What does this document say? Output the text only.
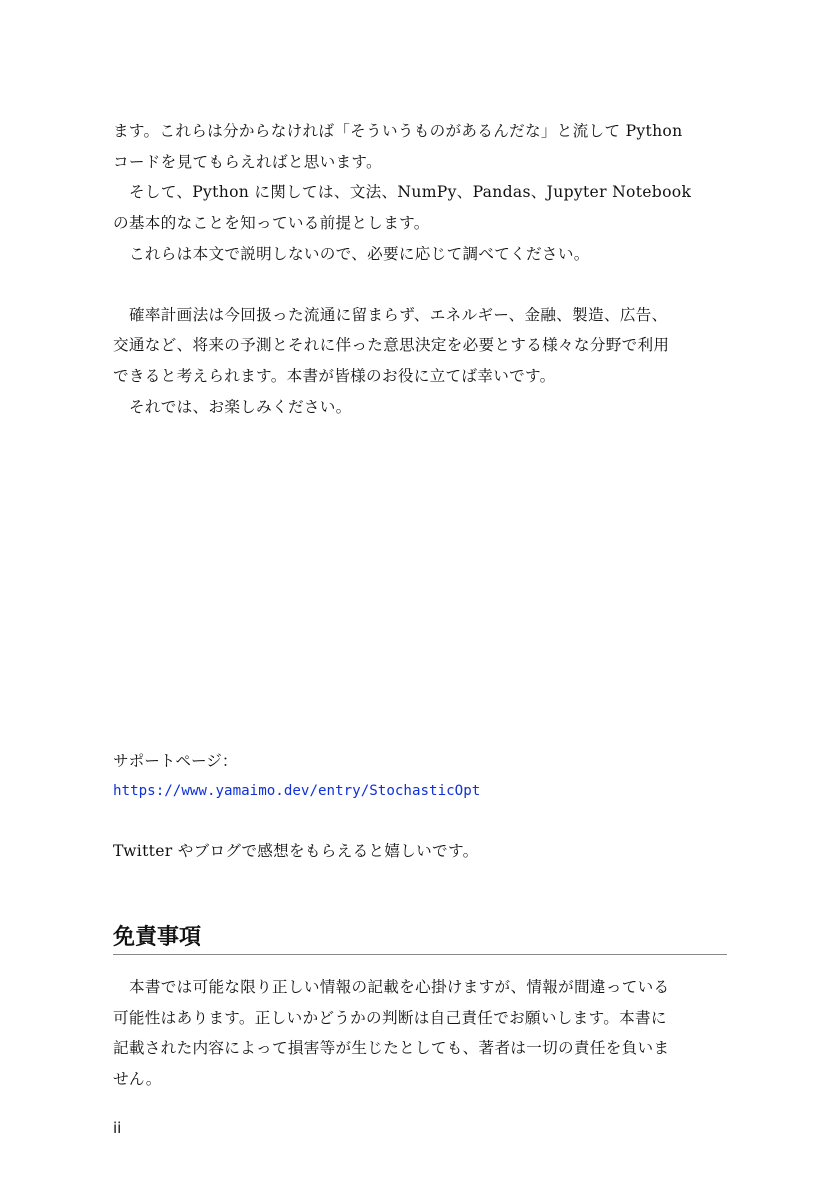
ます。これらは分からなければ「そういうものがあるんだな」と流して Python
コードを見てもらえればと思います。

そして、Python に関しては、文法、NumPy、Pandas、Jupyter Notebook
の基本的なことを知っている前提とします。

これらは本文で説明しないので、必要に応じて調べてください。

確率計画法は今回扱った流通に留まらず、エネルギー、金融、製造、広告、
交通など、将来の予測とそれに伴った意思決定を必要とする様々な分野で利用
できると考えられます。本書が皆様のお役に立てば幸いです。

それでは、お楽しみください。

サポートページ：

https://www.yamaimo.dev/entry/StochasticOpt

Twitter やブログで感想をもらえると嬉しいです。

免責事項

本書では可能な限り正しい情報の記載を心掛けますが、情報が間違っている
可能性はあります。正しいかどうかの判断は自己責任でお願いします。本書に
記載された内容によって損害等が生じたとしても、著者は一切の責任を負いま
せん。

ii
